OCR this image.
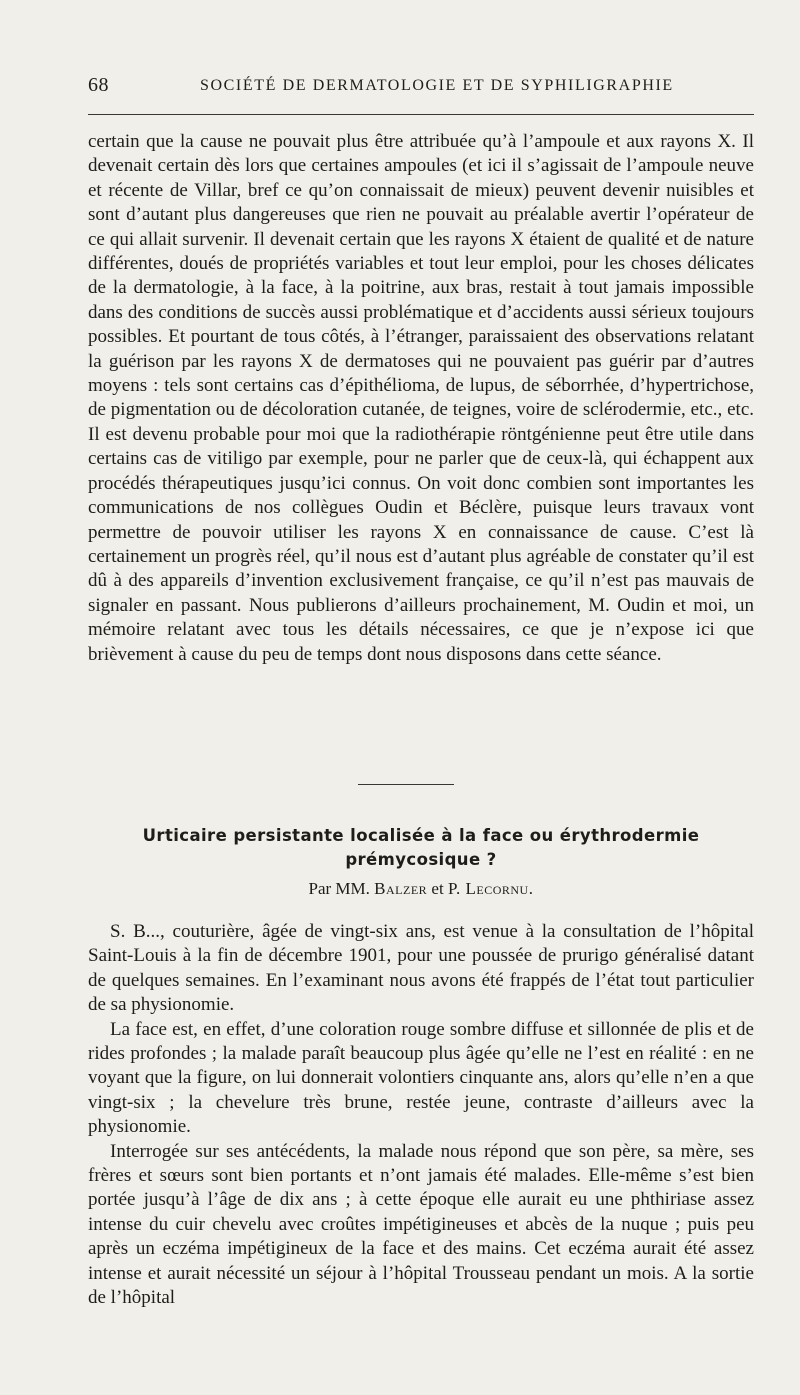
68	SOCIÉTÉ DE DERMATOLOGIE ET DE SYPHILIGRAPHIE

certain que la cause ne pouvait plus être attribuée qu’à l’ampoule et aux rayons X. Il devenait certain dès lors que certaines ampoules (et ici il s’agissait de l’ampoule neuve et récente de Villar, bref ce qu’on connaissait de mieux) peuvent devenir nuisibles et sont d’autant plus dangereuses que rien ne pouvait au préalable avertir l’opérateur de ce qui allait survenir. Il devenait certain que les rayons X étaient de qualité et de nature différentes, doués de propriétés variables et tout leur emploi, pour les choses délicates de la dermatologie, à la face, à la poitrine, aux bras, restait à tout jamais impossible dans des conditions de succès aussi problématique et d’accidents aussi sérieux toujours possibles. Et pourtant de tous côtés, à l’étranger, paraissaient des observations relatant la guérison par les rayons X de dermatoses qui ne pouvaient pas guérir par d’autres moyens : tels sont certains cas d’épithélioma, de lupus, de séborrhée, d’hypertrichose, de pigmentation ou de décoloration cutanée, de teignes, voire de sclérodermie, etc., etc. Il est devenu probable pour moi que la radiothérapie röntgénienne peut être utile dans certains cas de vitiligo par exemple, pour ne parler que de ceux-là, qui échappent aux procédés thérapeutiques jusqu’ici connus. On voit donc combien sont importantes les communications de nos collègues Oudin et Béclère, puisque leurs travaux vont permettre de pouvoir utiliser les rayons X en connaissance de cause. C’est là certainement un progrès réel, qu’il nous est d’autant plus agréable de constater qu’il est dû à des appareils d’invention exclusivement française, ce qu’il n’est pas mauvais de signaler en passant. Nous publierons d’ailleurs prochainement, M. Oudin et moi, un mémoire relatant avec tous les détails nécessaires, ce que je n’expose ici que brièvement à cause du peu de temps dont nous disposons dans cette séance.

Urticaire persistante localisée à la face ou érythrodermie prémycosique ?
Par MM. Balzer et P. Lecornu.

S. B..., couturière, âgée de vingt-six ans, est venue à la consultation de l’hôpital Saint-Louis à la fin de décembre 1901, pour une poussée de prurigo généralisé datant de quelques semaines. En l’examinant nous avons été frappés de l’état tout particulier de sa physionomie.

La face est, en effet, d’une coloration rouge sombre diffuse et sillonnée de plis et de rides profondes ; la malade paraît beaucoup plus âgée qu’elle ne l’est en réalité : en ne voyant que la figure, on lui donnerait volontiers cinquante ans, alors qu’elle n’en a que vingt-six ; la chevelure très brune, restée jeune, contraste d’ailleurs avec la physionomie.

Interrogée sur ses antécédents, la malade nous répond que son père, sa mère, ses frères et sœurs sont bien portants et n’ont jamais été malades. Elle-même s’est bien portée jusqu’à l’âge de dix ans ; à cette époque elle aurait eu une phthiriase assez intense du cuir chevelu avec croûtes impétigineuses et abcès de la nuque ; puis peu après un eczéma impétigineux de la face et des mains. Cet eczéma aurait été assez intense et aurait nécessité un séjour à l’hôpital Trousseau pendant un mois. A la sortie de l’hôpital
